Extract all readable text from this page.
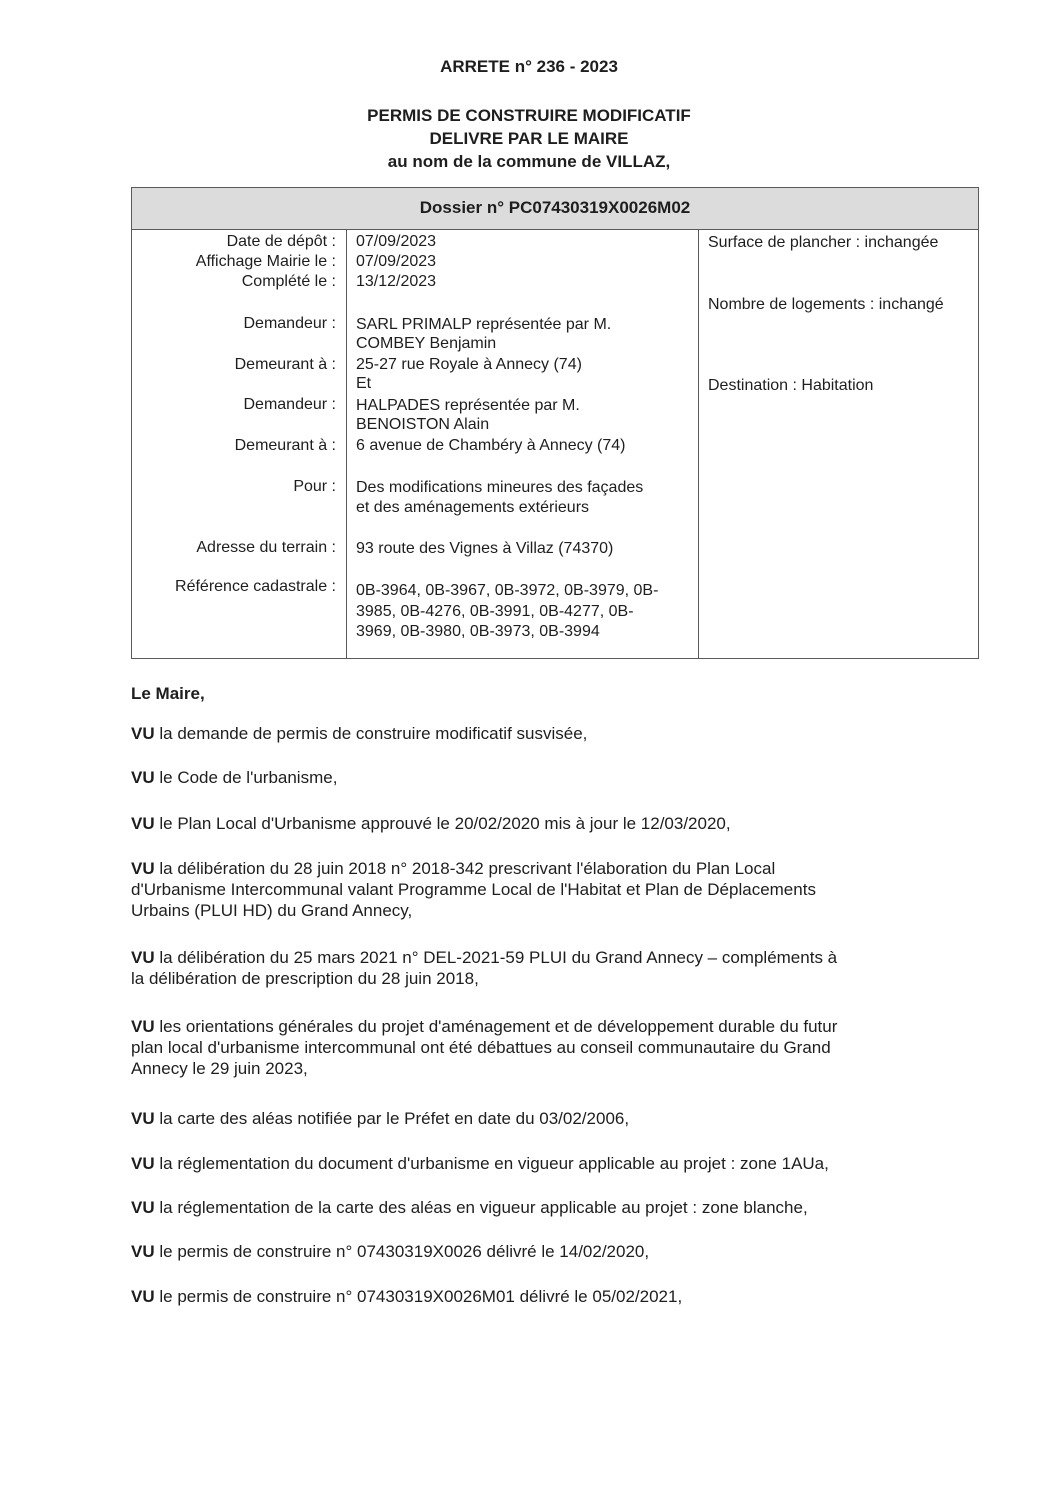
ARRETE n° 236 - 2023
PERMIS DE CONSTRUIRE MODIFICATIF
DELIVRE PAR LE MAIRE
au nom de la commune de VILLAZ,
Dossier n° PC07430319X0026M02
Date de dépôt : 07/09/2023
Affichage Mairie le : 07/09/2023
Complété le : 13/12/2023
Demandeur : SARL PRIMALP représentée par M.
COMBEY Benjamin
Demeurant à : 25-27 rue Royale à Annecy (74)
Et
Demandeur : HALPADES représentée par M.
BENOISTON Alain
Demeurant à : 6 avenue de Chambéry à Annecy (74)
Pour : Des modifications mineures des façades
et des aménagements extérieurs
Adresse du terrain : 93 route des Vignes à Villaz (74370)
Référence cadastrale : 0B-3964, 0B-3967, 0B-3972, 0B-3979, 0B-
3985, 0B-4276, 0B-3991, 0B-4277, 0B-
3969, 0B-3980, 0B-3973, 0B-3994
Surface de plancher : inchangée
Nombre de logements : inchangé
Destination : Habitation
Le Maire,
VU la demande de permis de construire modificatif susvisée,
VU le Code de l'urbanisme,
VU le Plan Local d'Urbanisme approuvé le 20/02/2020 mis à jour le 12/03/2020,
VU la délibération du 28 juin 2018 n° 2018-342 prescrivant l'élaboration du Plan Local
d'Urbanisme Intercommunal valant Programme Local de l'Habitat et Plan de Déplacements
Urbains (PLUI HD) du Grand Annecy,
VU la délibération du 25 mars 2021 n° DEL-2021-59 PLUI du Grand Annecy – compléments à
la délibération de prescription du 28 juin 2018,
VU les orientations générales du projet d'aménagement et de développement durable du futur
plan local d'urbanisme intercommunal ont été débattues au conseil communautaire du Grand
Annecy le 29 juin 2023,
VU la carte des aléas notifiée par le Préfet en date du 03/02/2006,
VU la réglementation du document d'urbanisme en vigueur applicable au projet : zone 1AUa,
VU la réglementation de la carte des aléas en vigueur applicable au projet : zone blanche,
VU le permis de construire n° 07430319X0026 délivré le 14/02/2020,
VU le permis de construire n° 07430319X0026M01 délivré le 05/02/2021,
